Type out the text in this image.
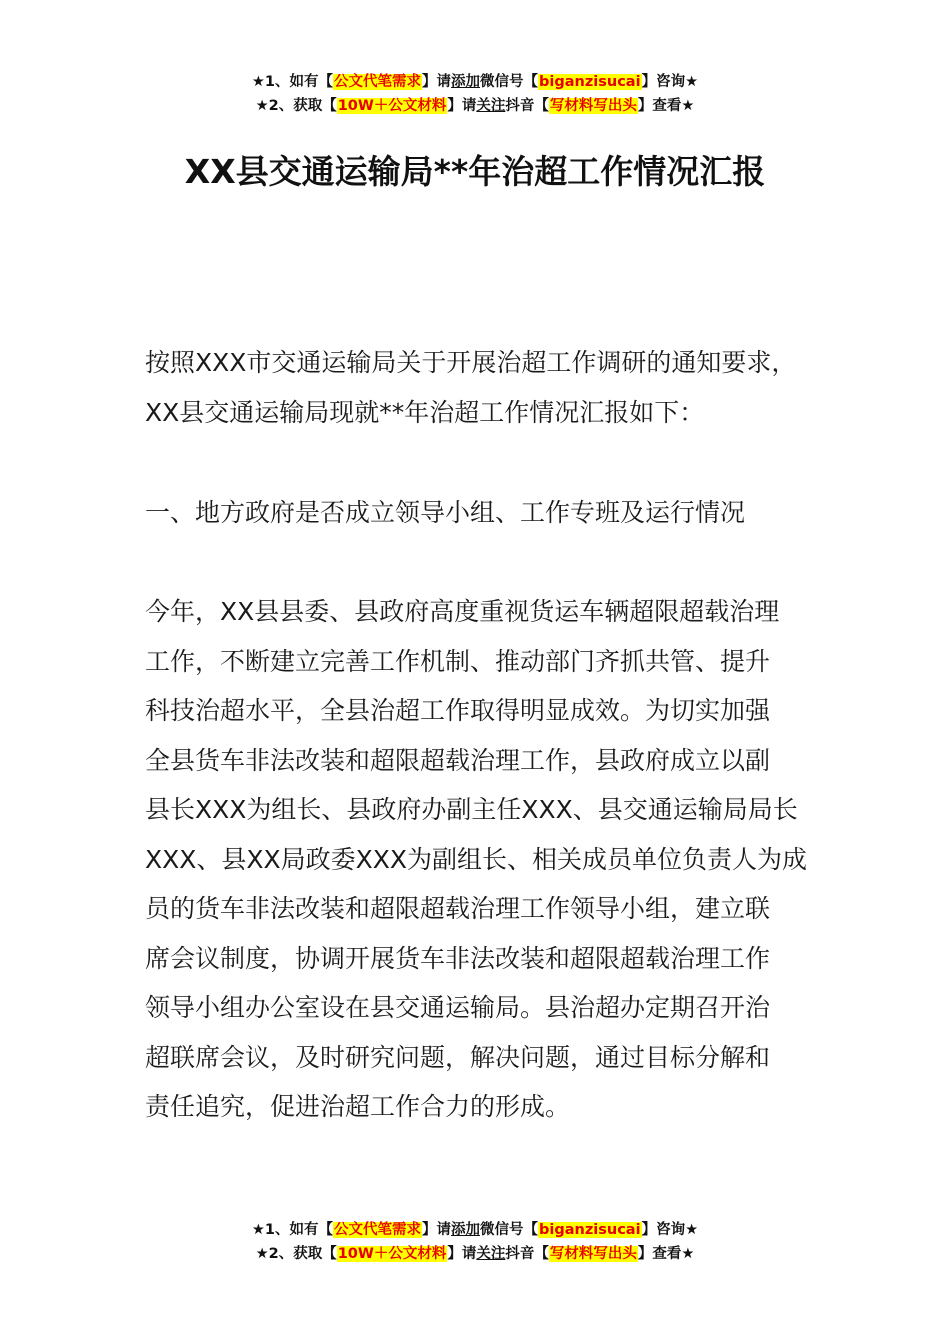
★1、如有【公文代笔需求】请添加微信号【biganzisucai】咨询★
★2、获取【10W＋公文材料】请关注抖音【写材料写出头】查看★
XX县交通运输局**年治超工作情况汇报
按照XXX市交通运输局关于开展治超工作调研的通知要求，
XX县交通运输局现就**年治超工作情况汇报如下：
一、地方政府是否成立领导小组、工作专班及运行情况
今年，XX县县委、县政府高度重视货运车辆超限超载治理
工作，不断建立完善工作机制、推动部门齐抓共管、提升
科技治超水平，全县治超工作取得明显成效。为切实加强
全县货车非法改装和超限超载治理工作，县政府成立以副
县长XXX为组长、县政府办副主任XXX、县交通运输局局长
XXX、县XX局政委XXX为副组长、相关成员单位负责人为成
员的货车非法改装和超限超载治理工作领导小组，建立联
席会议制度，协调开展货车非法改装和超限超载治理工作
领导小组办公室设在县交通运输局。县治超办定期召开治
超联席会议，及时研究问题，解决问题，通过目标分解和
责任追究，促进治超工作合力的形成。
★1、如有【公文代笔需求】请添加微信号【biganzisucai】咨询★
★2、获取【10W＋公文材料】请关注抖音【写材料写出头】查看★
